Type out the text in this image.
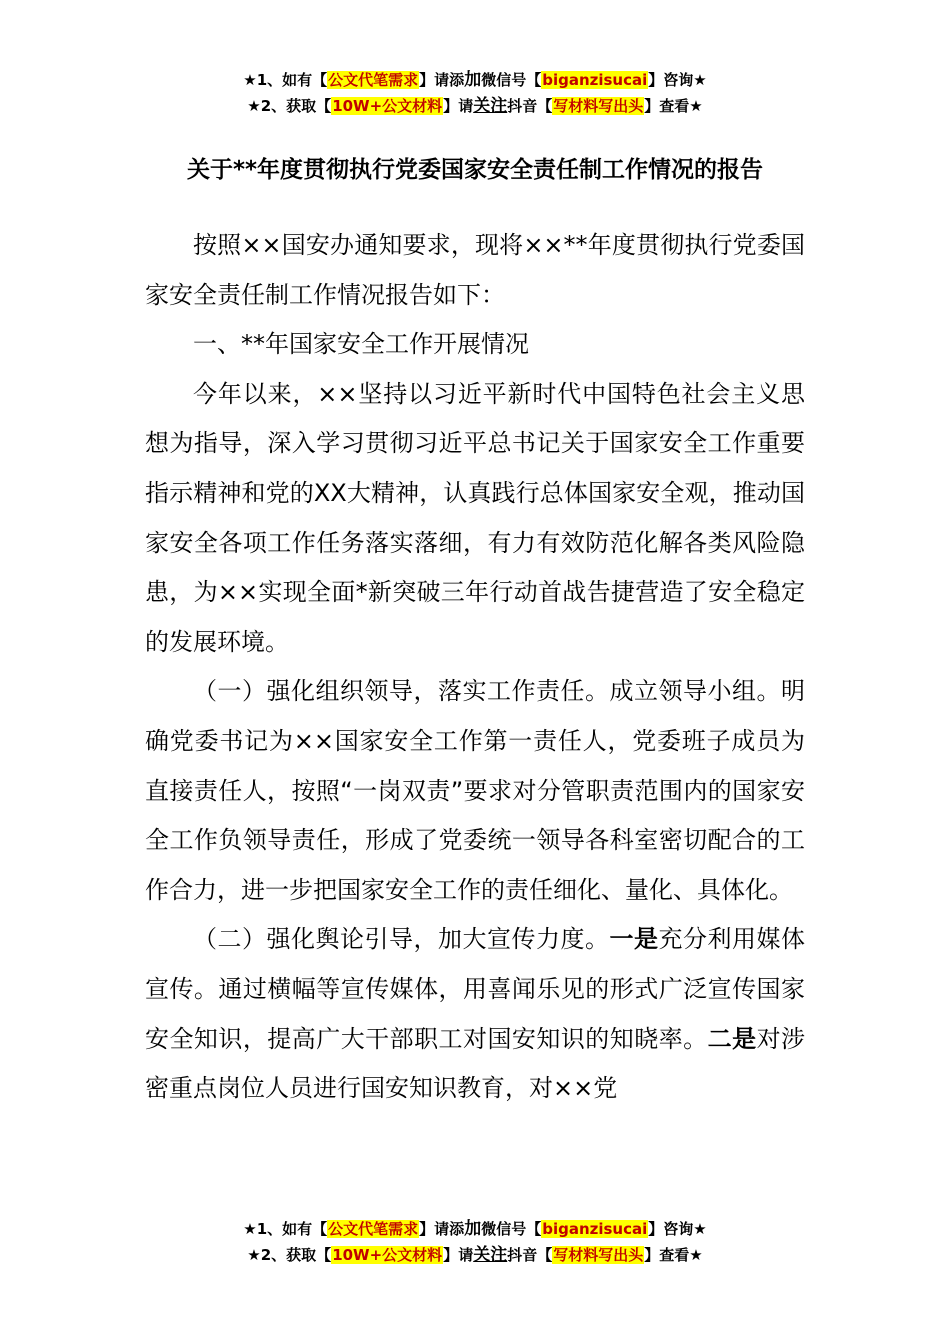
★1、如有【公文代笔需求】请添加微信号【biganzisucai】咨询★
★2、获取【10W+公文材料】请关注抖音【写材料写出头】查看★
关于**年度贯彻执行党委国家安全责任制工作情况的报告

按照××国安办通知要求，现将××**年度贯彻执行党委国家安全责任制工作情况报告如下：

一、**年国家安全工作开展情况

今年以来，××坚持以习近平新时代中国特色社会主义思想为指导，深入学习贯彻习近平总书记关于国家安全工作重要指示精神和党的XX大精神，认真践行总体国家安全观，推动国家安全各项工作任务落实落细，有力有效防范化解各类风险隐患，为××实现全面*新突破三年行动首战告捷营造了安全稳定的发展环境。

（一）强化组织领导，落实工作责任。成立领导小组。明确党委书记为××国家安全工作第一责任人，党委班子成员为直接责任人，按照“一岗双责”要求对分管职责范围内的国家安全工作负领导责任，形成了党委统一领导各科室密切配合的工作合力，进一步把国家安全工作的责任细化、量化、具体化。

（二）强化舆论引导，加大宣传力度。一是充分利用媒体宣传。通过横幅等宣传媒体，用喜闻乐见的形式广泛宣传国家安全知识，提高广大干部职工对国安知识的知晓率。二是对涉密重点岗位人员进行国安知识教育，对××党

★1、如有【公文代笔需求】请添加微信号【biganzisucai】咨询★
★2、获取【10W+公文材料】请关注抖音【写材料写出头】查看★
